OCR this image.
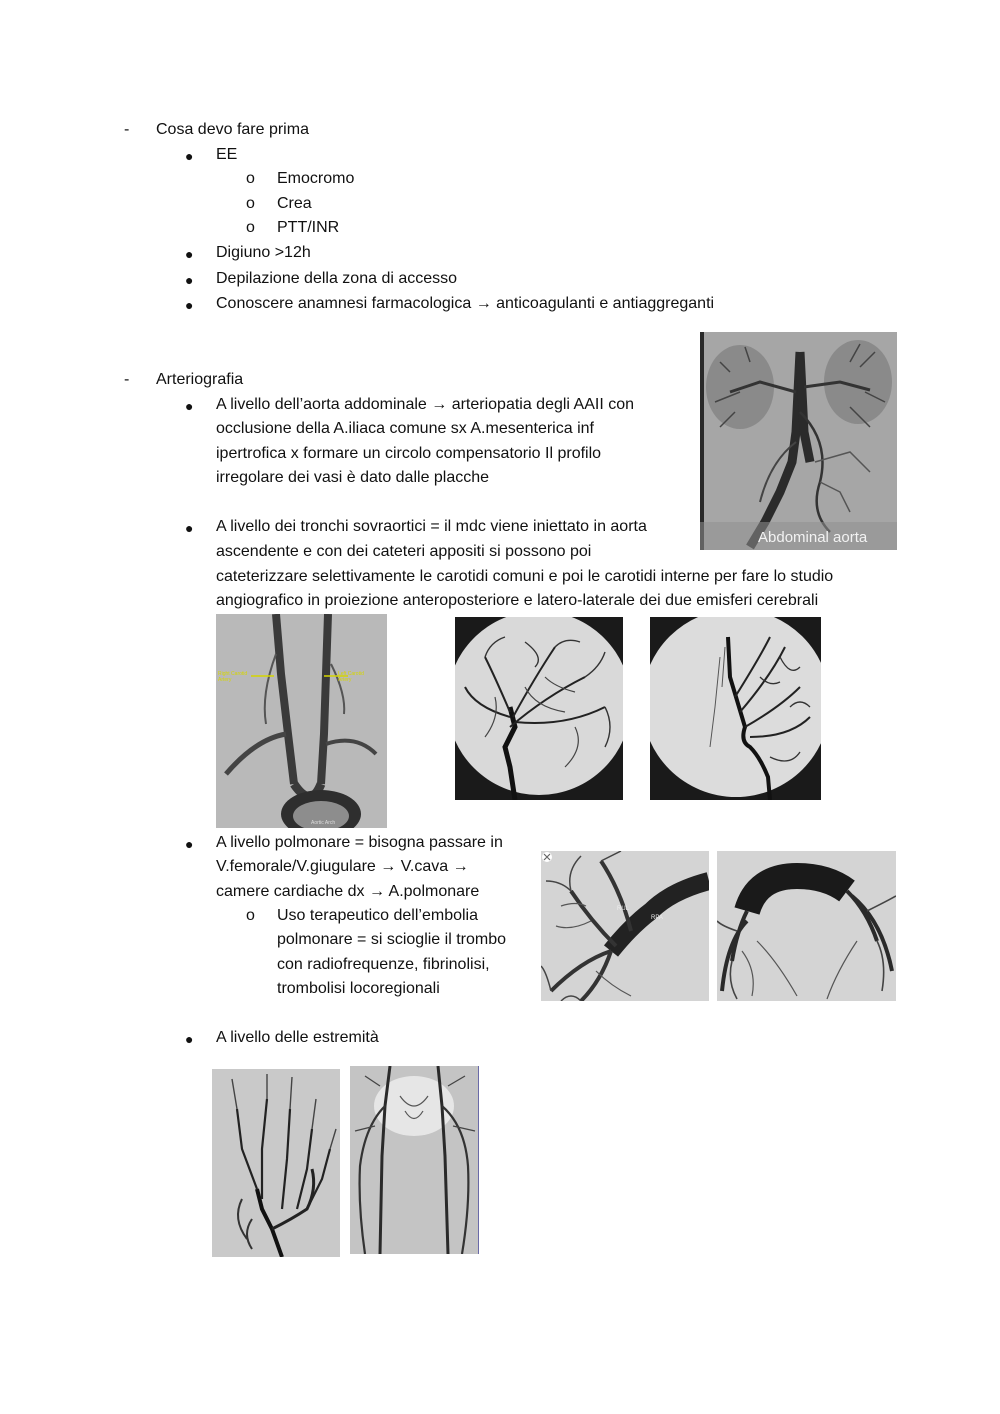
- Cosa devo fare prima
● EE
o Emocromo
o Crea
o PTT/INR
● Digiuno >12h
● Depilazione della zona di accesso
● Conoscere anamnesi farmacologica → anticoagulanti e antiaggreganti
- Arteriografia
● A livello dell’aorta addominale → arteriopatia degli AAII con
occlusione della A.iliaca comune sx A.mesenterica inf
ipertrofica x formare un circolo compensatorio Il profilo
irregolare dei vasi è dato dalle placche
Abdominal aorta
● A livello dei tronchi sovraortici = il mdc viene iniettato in aorta
ascendente e con dei cateteri appositi si possono poi
cateterizzare selettivamente le carotidi comuni e poi le carotidi interne per fare lo studio
angiografico in proiezione anteroposteriore e latero-laterale dei due emisferi cerebrali
Right Carotid Artery
Left Carotid Artery
Aortic Arch
● A livello polmonare = bisogna passare in
V.femorale/V.giugulare → V.cava →
camere cardiache dx → A.polmonare
o Uso terapeutico dell’embolia
polmonare = si scioglie il trombo
con radiofrequenze, fibrinolisi,
trombolisi locoregionali
RUL
RPA
● A livello delle estremità
